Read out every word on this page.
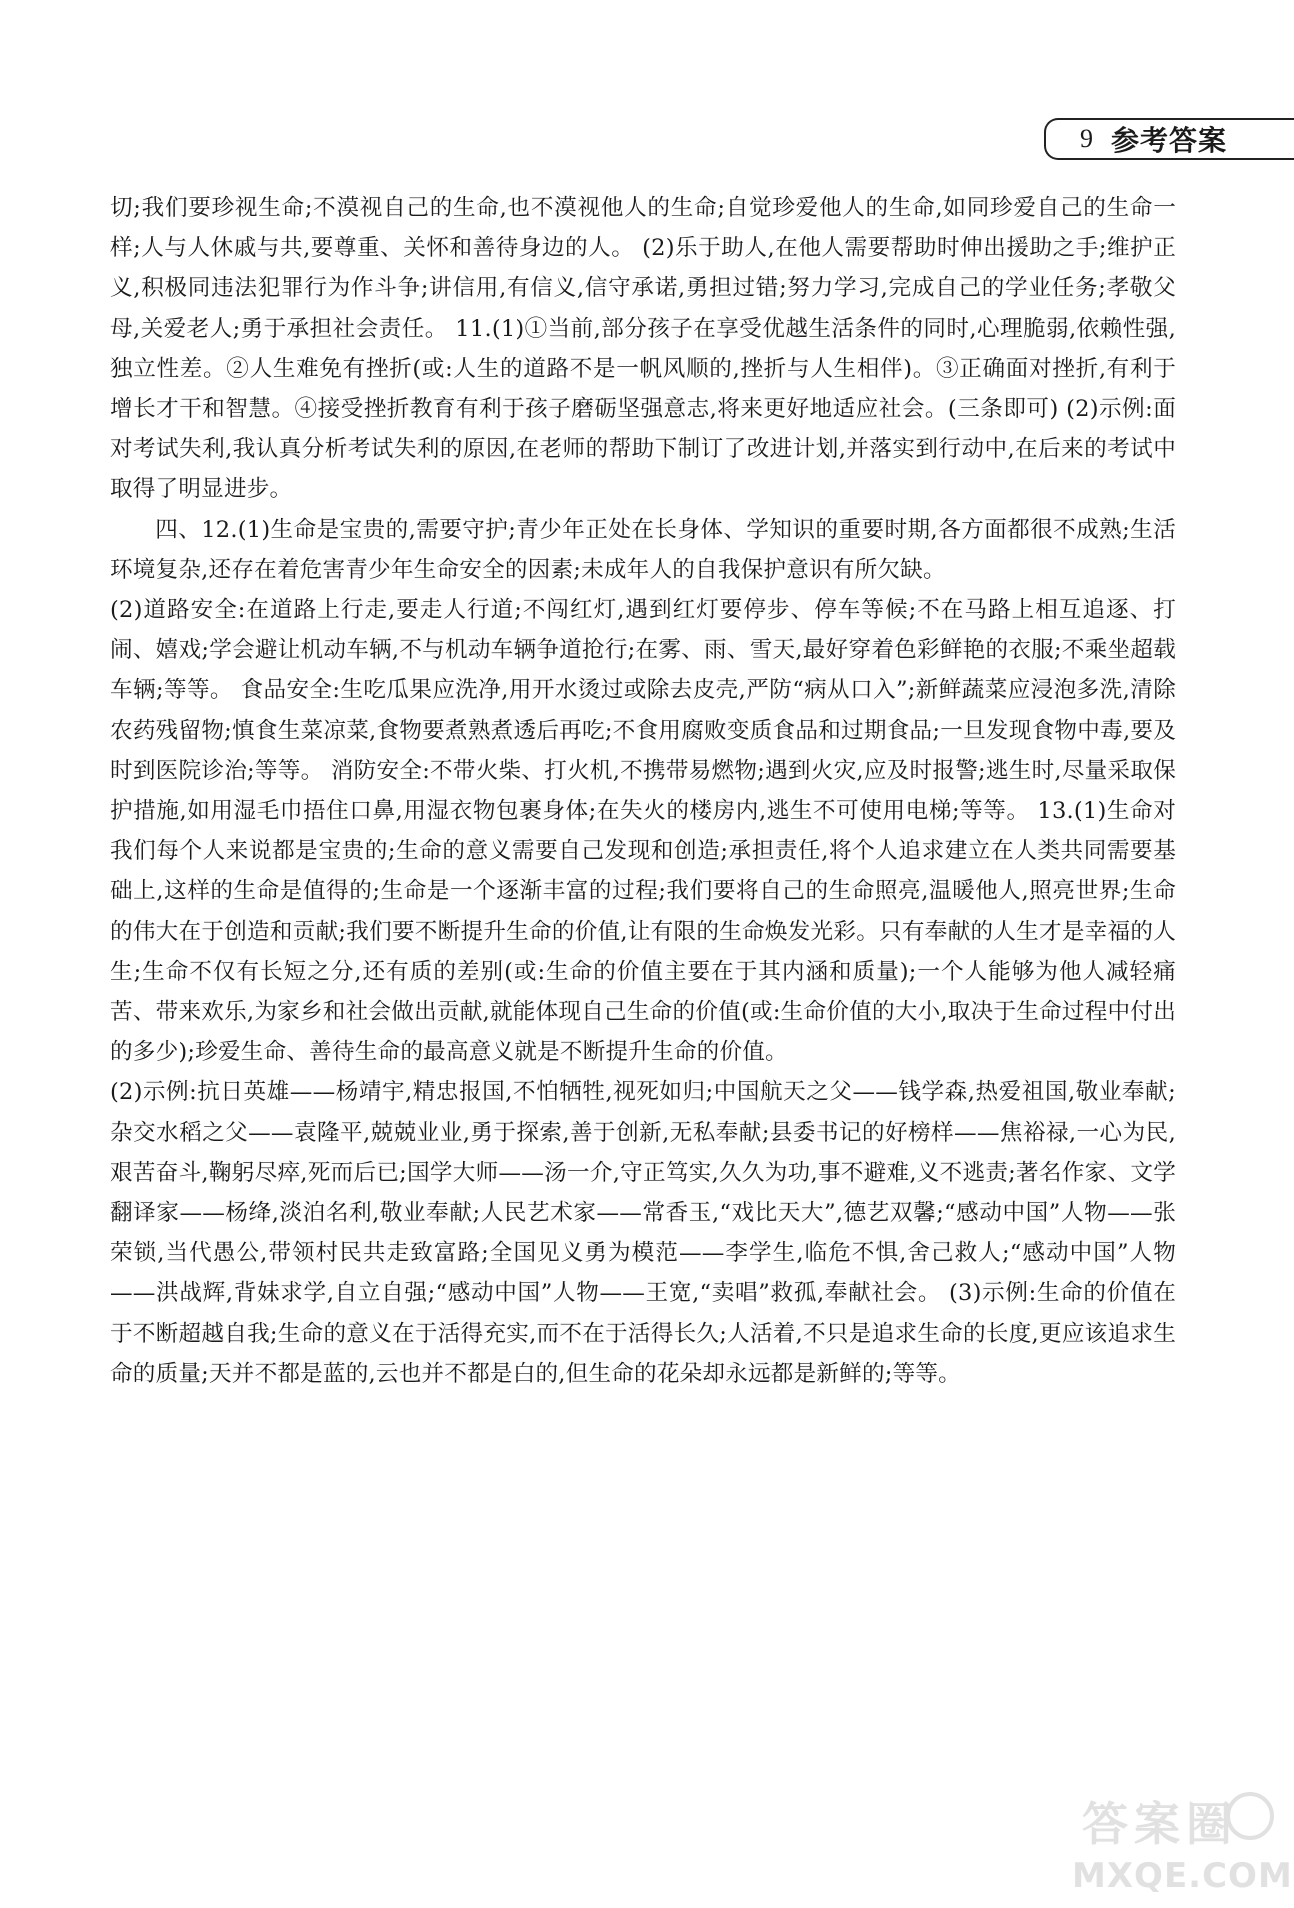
9 参考答案

切;我们要珍视生命;不漠视自己的生命,也不漠视他人的生命;自觉珍爱他人的生命,如同珍爱自己的生命一样;人与人休戚与共,要尊重、关怀和善待身边的人。 (2)乐于助人,在他人需要帮助时伸出援助之手;维护正义,积极同违法犯罪行为作斗争;讲信用,有信义,信守承诺,勇担过错;努力学习,完成自己的学业任务;孝敬父母,关爱老人;勇于承担社会责任。 11.(1)①当前,部分孩子在享受优越生活条件的同时,心理脆弱,依赖性强,独立性差。②人生难免有挫折(或:人生的道路不是一帆风顺的,挫折与人生相伴)。③正确面对挫折,有利于增长才干和智慧。④接受挫折教育有利于孩子磨砺坚强意志,将来更好地适应社会。(三条即可) (2)示例:面对考试失利,我认真分析考试失利的原因,在老师的帮助下制订了改进计划,并落实到行动中,在后来的考试中取得了明显进步。

四、12.(1)生命是宝贵的,需要守护;青少年正处在长身体、学知识的重要时期,各方面都很不成熟;生活环境复杂,还存在着危害青少年生命安全的因素;未成年人的自我保护意识有所欠缺。

(2)道路安全:在道路上行走,要走人行道;不闯红灯,遇到红灯要停步、停车等候;不在马路上相互追逐、打闹、嬉戏;学会避让机动车辆,不与机动车辆争道抢行;在雾、雨、雪天,最好穿着色彩鲜艳的衣服;不乘坐超载车辆;等等。 食品安全:生吃瓜果应洗净,用开水烫过或除去皮壳,严防“病从口入”;新鲜蔬菜应浸泡多洗,清除农药残留物;慎食生菜凉菜,食物要煮熟煮透后再吃;不食用腐败变质食品和过期食品;一旦发现食物中毒,要及时到医院诊治;等等。 消防安全:不带火柴、打火机,不携带易燃物;遇到火灾,应及时报警;逃生时,尽量采取保护措施,如用湿毛巾捂住口鼻,用湿衣物包裹身体;在失火的楼房内,逃生不可使用电梯;等等。 13.(1)生命对我们每个人来说都是宝贵的;生命的意义需要自己发现和创造;承担责任,将个人追求建立在人类共同需要基础上,这样的生命是值得的;生命是一个逐渐丰富的过程;我们要将自己的生命照亮,温暖他人,照亮世界;生命的伟大在于创造和贡献;我们要不断提升生命的价值,让有限的生命焕发光彩。只有奉献的人生才是幸福的人生;生命不仅有长短之分,还有质的差别(或:生命的价值主要在于其内涵和质量);一个人能够为他人减轻痛苦、带来欢乐,为家乡和社会做出贡献,就能体现自己生命的价值(或:生命价值的大小,取决于生命过程中付出的多少);珍爱生命、善待生命的最高意义就是不断提升生命的价值。

(2)示例:抗日英雄——杨靖宇,精忠报国,不怕牺牲,视死如归;中国航天之父——钱学森,热爱祖国,敬业奉献;杂交水稻之父——袁隆平,兢兢业业,勇于探索,善于创新,无私奉献;县委书记的好榜样——焦裕禄,一心为民,艰苦奋斗,鞠躬尽瘁,死而后已;国学大师——汤一介,守正笃实,久久为功,事不避难,义不逃责;著名作家、文学翻译家——杨绛,淡泊名利,敬业奉献;人民艺术家——常香玉,“戏比天大”,德艺双馨;“感动中国”人物——张荣锁,当代愚公,带领村民共走致富路;全国见义勇为模范——李学生,临危不惧,舍己救人;“感动中国”人物——洪战辉,背妹求学,自立自强;“感动中国”人物——王宽,“卖唱”救孤,奉献社会。 (3)示例:生命的价值在于不断超越自我;生命的意义在于活得充实,而不在于活得长久;人活着,不只是追求生命的长度,更应该追求生命的质量;天并不都是蓝的,云也并不都是白的,但生命的花朵却永远都是新鲜的;等等。

答案圈
MXQE.COM
